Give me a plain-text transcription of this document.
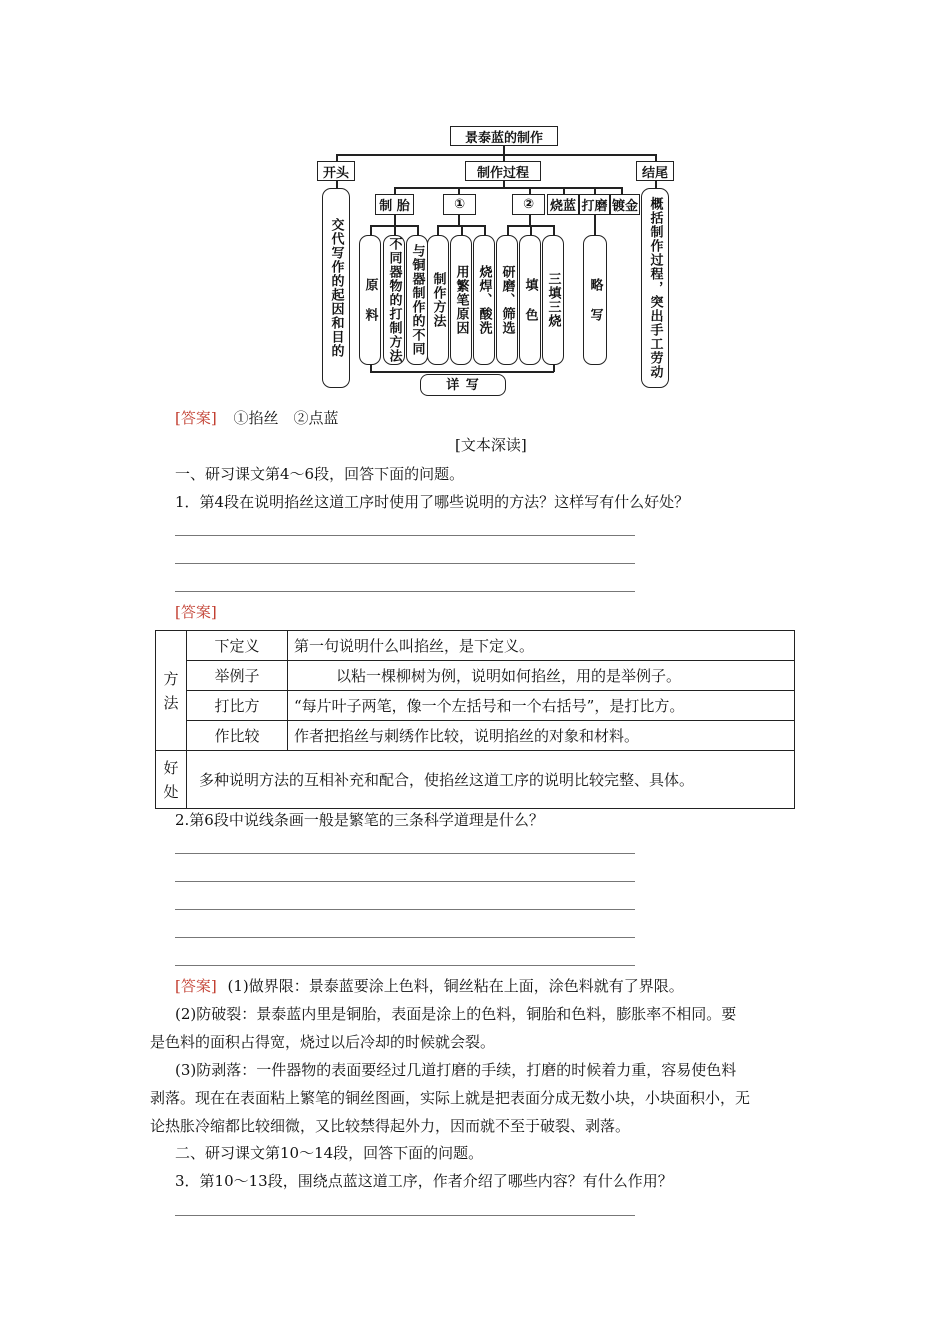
景泰蓝的制作
开头	制作过程	结尾
制 胎	①	②	烧蓝 打磨 镀金
交代写作的起因和目的	概括制作过程，突出手工劳动
原 料 不同器物的打制方法 与铜器制作的不同 制作方法 用繁笔原因 烧焊、酸洗 研磨、筛选 填 色 三填三烧	略 写
详 写
[答案] ①掐丝　②点蓝
[文本深读]
一、研习课文第4～6段，回答下面的问题。
1．第4段在说明掐丝这道工序时使用了哪些说明的方法？这样写有什么好处？
[答案]
方法	下定义	第一句说明什么叫掐丝，是下定义。
	举例子	以粘一棵柳树为例，说明如何掐丝，用的是举例子。
	打比方	“每片叶子两笔，像一个左括号和一个右括号”，是打比方。
	作比较	作者把掐丝与刺绣作比较，说明掐丝的对象和材料。
好处	多种说明方法的互相补充和配合，使掐丝这道工序的说明比较完整、具体。	
2.第6段中说线条画一般是繁笔的三条科学道理是什么？
[答案] (1)做界限：景泰蓝要涂上色料，铜丝粘在上面，涂色料就有了界限。
(2)防破裂：景泰蓝内里是铜胎，表面是涂上的色料，铜胎和色料，膨胀率不相同。要
是色料的面积占得宽，烧过以后冷却的时候就会裂。
(3)防剥落：一件器物的表面要经过几道打磨的手续，打磨的时候着力重，容易使色料
剥落。现在在表面粘上繁笔的铜丝图画，实际上就是把表面分成无数小块，小块面积小，无
论热胀冷缩都比较细微，又比较禁得起外力，因而就不至于破裂、剥落。
二、研习课文第10～14段，回答下面的问题。
3．第10～13段，围绕点蓝这道工序，作者介绍了哪些内容？有什么作用？
